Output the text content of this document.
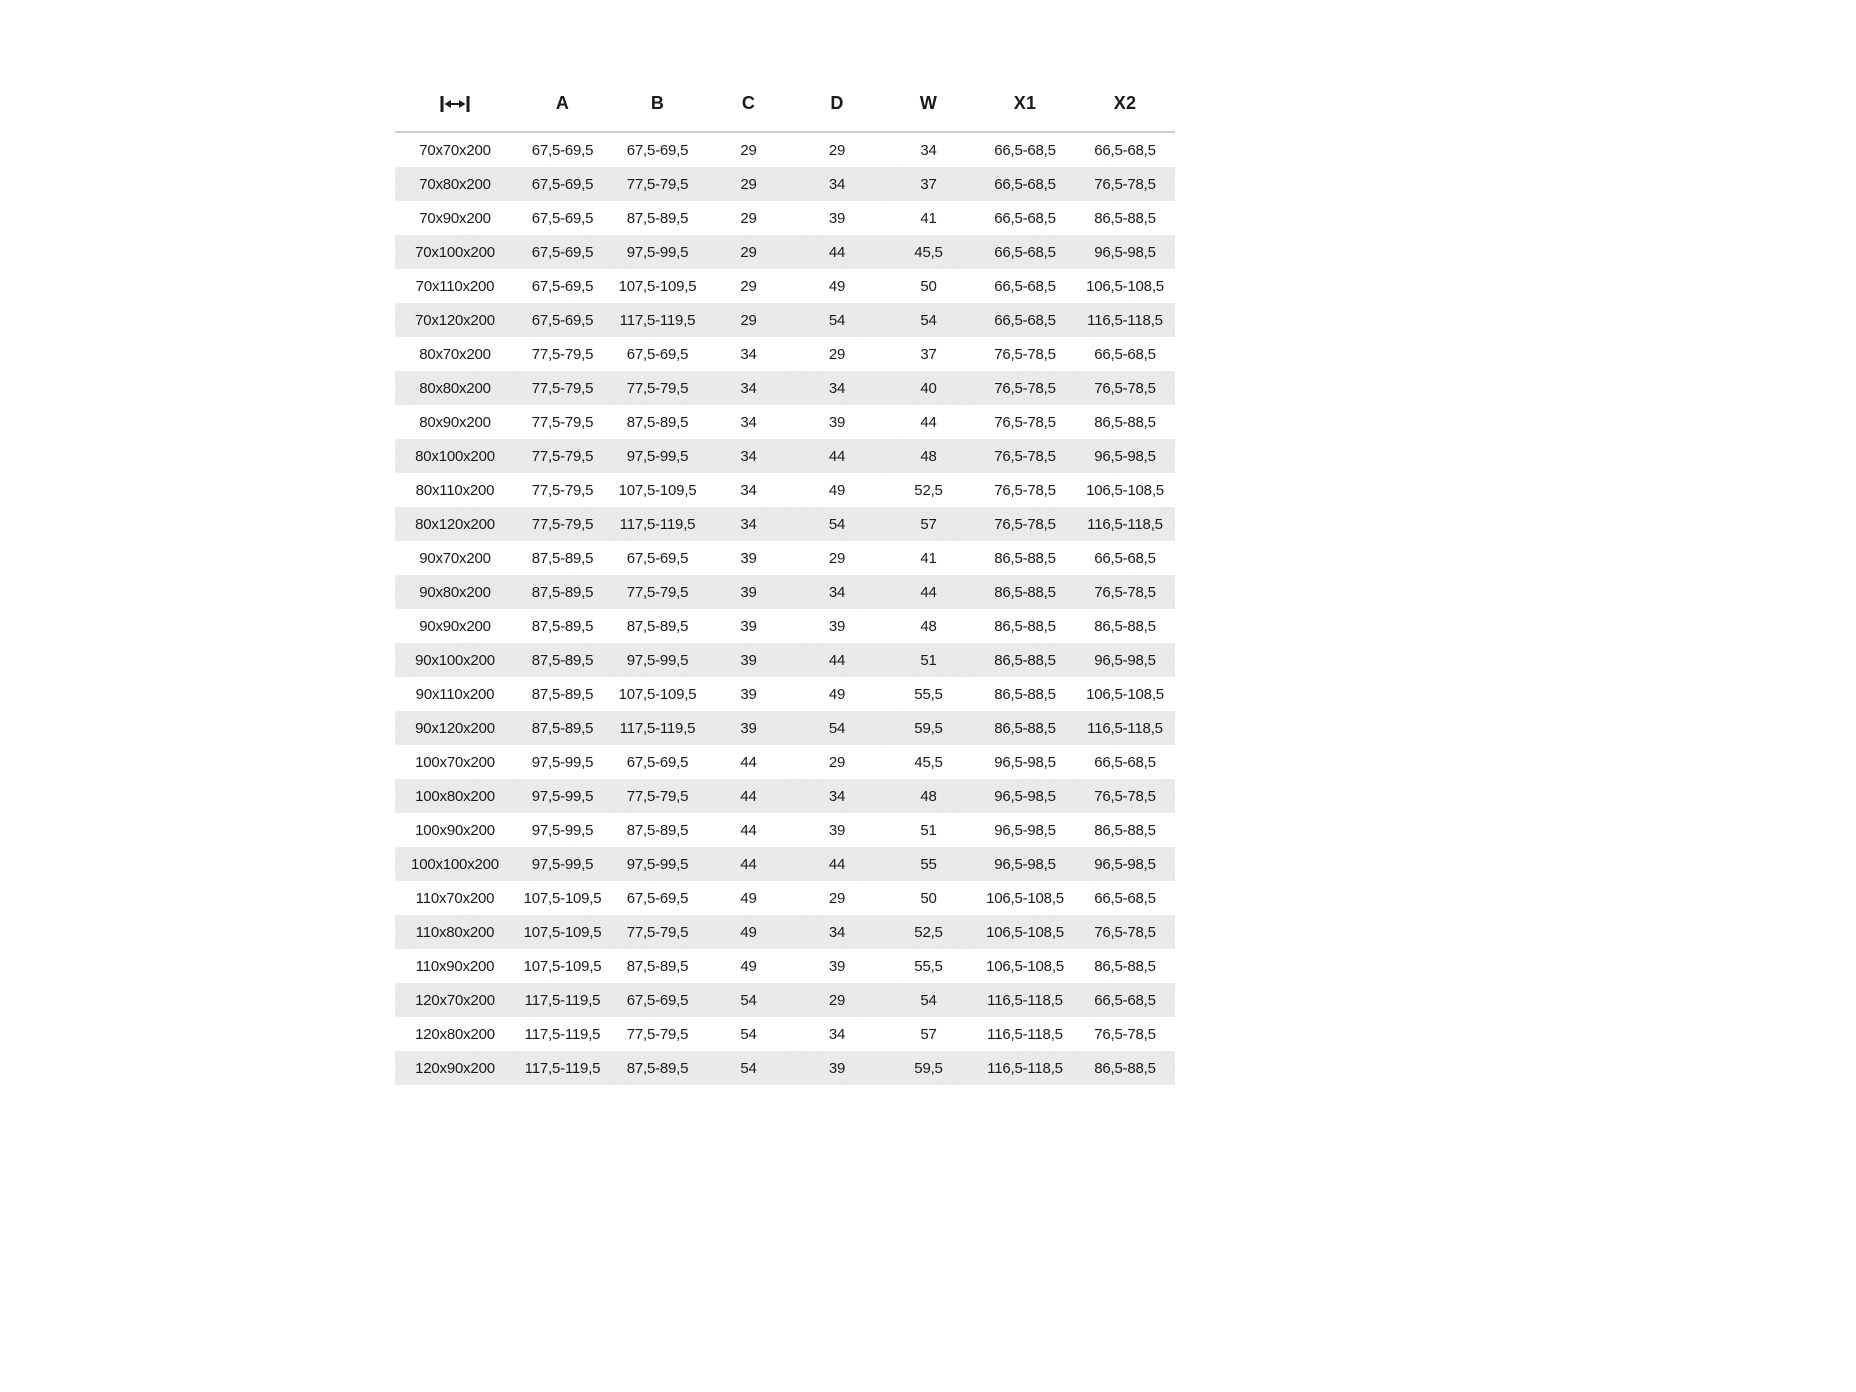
	A	B	C	D	W	X1	X2
70x70x200	67,5-69,5	67,5-69,5	29	29	34	66,5-68,5	66,5-68,5
70x80x200	67,5-69,5	77,5-79,5	29	34	37	66,5-68,5	76,5-78,5
70x90x200	67,5-69,5	87,5-89,5	29	39	41	66,5-68,5	86,5-88,5
70x100x200	67,5-69,5	97,5-99,5	29	44	45,5	66,5-68,5	96,5-98,5
70x110x200	67,5-69,5	107,5-109,5	29	49	50	66,5-68,5	106,5-108,5
70x120x200	67,5-69,5	117,5-119,5	29	54	54	66,5-68,5	116,5-118,5
80x70x200	77,5-79,5	67,5-69,5	34	29	37	76,5-78,5	66,5-68,5
80x80x200	77,5-79,5	77,5-79,5	34	34	40	76,5-78,5	76,5-78,5
80x90x200	77,5-79,5	87,5-89,5	34	39	44	76,5-78,5	86,5-88,5
80x100x200	77,5-79,5	97,5-99,5	34	44	48	76,5-78,5	96,5-98,5
80x110x200	77,5-79,5	107,5-109,5	34	49	52,5	76,5-78,5	106,5-108,5
80x120x200	77,5-79,5	117,5-119,5	34	54	57	76,5-78,5	116,5-118,5
90x70x200	87,5-89,5	67,5-69,5	39	29	41	86,5-88,5	66,5-68,5
90x80x200	87,5-89,5	77,5-79,5	39	34	44	86,5-88,5	76,5-78,5
90x90x200	87,5-89,5	87,5-89,5	39	39	48	86,5-88,5	86,5-88,5
90x100x200	87,5-89,5	97,5-99,5	39	44	51	86,5-88,5	96,5-98,5
90x110x200	87,5-89,5	107,5-109,5	39	49	55,5	86,5-88,5	106,5-108,5
90x120x200	87,5-89,5	117,5-119,5	39	54	59,5	86,5-88,5	116,5-118,5
100x70x200	97,5-99,5	67,5-69,5	44	29	45,5	96,5-98,5	66,5-68,5
100x80x200	97,5-99,5	77,5-79,5	44	34	48	96,5-98,5	76,5-78,5
100x90x200	97,5-99,5	87,5-89,5	44	39	51	96,5-98,5	86,5-88,5
100x100x200	97,5-99,5	97,5-99,5	44	44	55	96,5-98,5	96,5-98,5
110x70x200	107,5-109,5	67,5-69,5	49	29	50	106,5-108,5	66,5-68,5
110x80x200	107,5-109,5	77,5-79,5	49	34	52,5	106,5-108,5	76,5-78,5
110x90x200	107,5-109,5	87,5-89,5	49	39	55,5	106,5-108,5	86,5-88,5
120x70x200	117,5-119,5	67,5-69,5	54	29	54	116,5-118,5	66,5-68,5
120x80x200	117,5-119,5	77,5-79,5	54	34	57	116,5-118,5	76,5-78,5
120x90x200	117,5-119,5	87,5-89,5	54	39	59,5	116,5-118,5	86,5-88,5
